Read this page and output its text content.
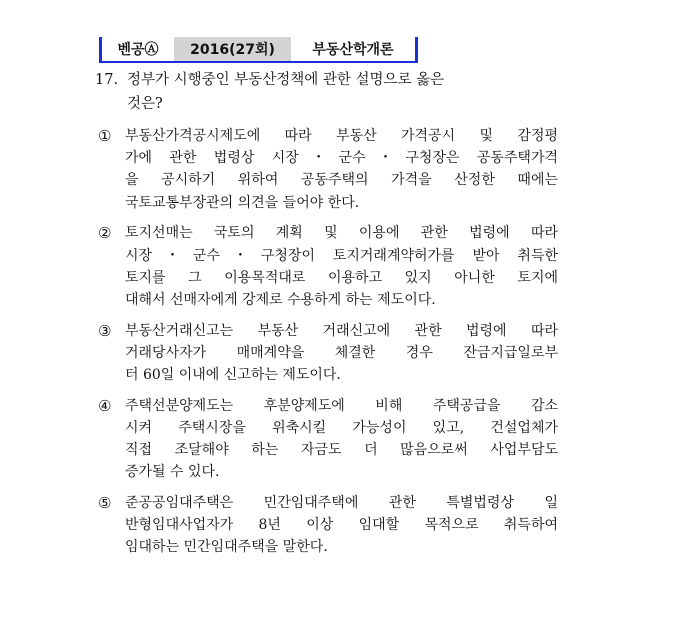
벤공Ⓐ	2016(27회)	부동산학개론
17. 정부가 시행중인 부동산정책에 관한 설명으로 옳은
것은?
① 부동산가격공시제도에 따라 부동산 가격공시 및 감정평
가에 관한 법령상 시장・군수・구청장은 공동주택가격
을 공시하기 위하여 공동주택의 가격을 산정한 때에는
국토교통부장관의 의견을 들어야 한다.
② 토지선매는 국토의 계획 및 이용에 관한 법령에 따라
시장・군수・구청장이 토지거래계약허가를 받아 취득한
토지를 그 이용목적대로 이용하고 있지 아니한 토지에
대해서 선매자에게 강제로 수용하게 하는 제도이다.
③ 부동산거래신고는 부동산 거래신고에 관한 법령에 따라
거래당사자가 매매계약을 체결한 경우 잔금지급일로부
터 60일 이내에 신고하는 제도이다.
④ 주택선분양제도는 후분양제도에 비해 주택공급을 감소
시켜 주택시장을 위축시킬 가능성이 있고, 건설업체가
직접 조달해야 하는 자금도 더 많음으로써 사업부담도
증가될 수 있다.
⑤ 준공공임대주택은 민간임대주택에 관한 특별법령상 일
반형임대사업자가 8년 이상 임대할 목적으로 취득하여
임대하는 민간임대주택을 말한다.
